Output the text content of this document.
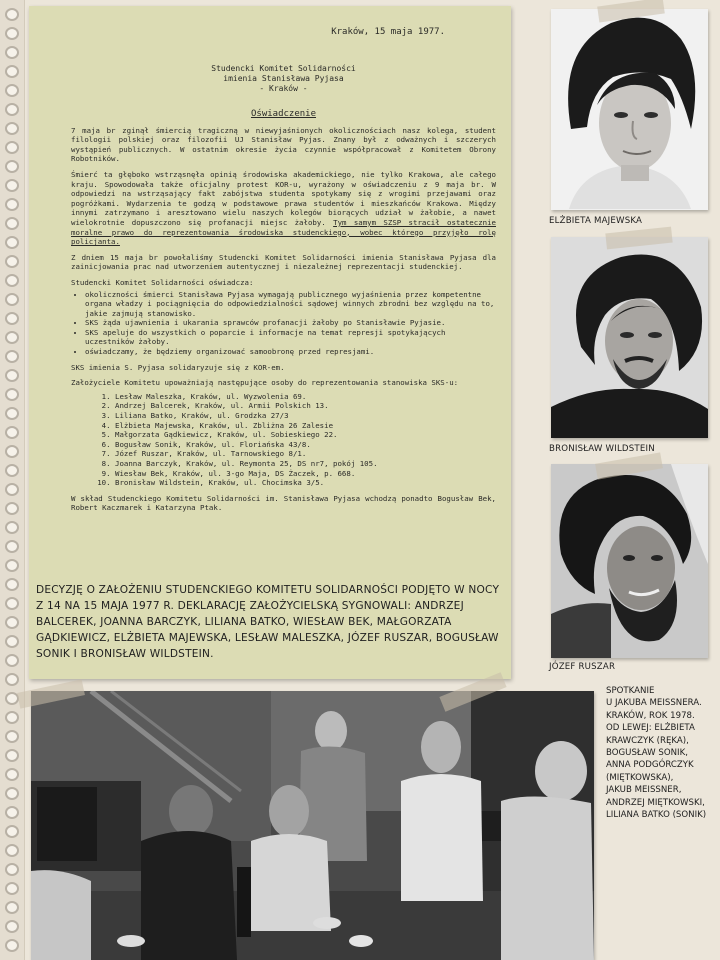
Kraków, 15 maja 1977.
Studencki Komitet Solidarności
imienia Stanisława Pyjasa
- Kraków -
Oświadczenie

7 maja br zginął śmiercią tragiczną w niewyjaśnionych okolicznościach nasz kolega, student filologii polskiej oraz filozofii UJ Stanisław Pyjas. Znany był z odważnych i szczerych wystąpień publicznych. W ostatnim okresie życia czynnie współpracował z Komitetem Obrony Robotników.

Śmierć ta głęboko wstrząsnęła opinią środowiska akademickiego, nie tylko Krakowa, ale całego kraju. Spowodowała także oficjalny protest KOR-u, wyrażony w oświadczeniu z 9 maja br. W odpowiedzi na wstrząsający fakt zabójstwa studenta spotykamy się z wrogimi przejawami oraz pogróżkami. Wydarzenia te godzą w podstawowe prawa studentów i mieszkańców Krakowa. Między innymi zatrzymano i aresztowano wielu naszych kolegów biorących udział w żałobie, a nawet wielokrotnie dopuszczono się profanacji miejsc żałoby. Tym samym SZSP stracił ostatecznie moralne prawo do reprezentowania środowiska studenckiego, wobec którego przyjęło rolę policjanta.

Z dniem 15 maja br powołaliśmy Studencki Komitet Solidarności imienia Stanisława Pyjasa dla zainicjowania prac nad utworzeniem autentycznej i niezależnej reprezentacji studenckiej.

Studencki Komitet Solidarności oświadcza:

• okoliczności śmierci Stanisława Pyjasa wymagają publicznego wyjaśnienia przez kompetentne organa władzy i pociągnięcia do odpowiedzialności sądowej winnych zbrodni bez względu na to, jakie zajmują stanowisko.
• SKS żąda ujawnienia i ukarania sprawców profanacji żałoby po Stanisławie Pyjasie.
• SKS apeluje do wszystkich o poparcie i informacje na temat represji spotykających uczestników żałoby.
• oświadczamy, że będziemy organizować samoobronę przed represjami.

SKS imienia S. Pyjasa solidaryzuje się z KOR-em.

Założyciele Komitetu upoważniają następujące osoby do reprezentowania stanowiska SKS-u:

1. Lesław Maleszka, Kraków, ul. Wyzwolenia 69.
2. Andrzej Balcerek, Kraków, ul. Armii Polskich 13.
3. Liliana Batko, Kraków, ul. Grodzka 27/3
4. Elżbieta Majewska, Kraków, ul. Zbliżna 26 Zalesie
5. Małgorzata Gądkiewicz, Kraków, ul. Sobieskiego 22.
6. Bogusław Sonik, Kraków, ul. Floriańska 43/8.
7. Józef Ruszar, Kraków, ul. Tarnowskiego 8/1.
8. Joanna Barczyk, Kraków, ul. Reymonta 25, DS nr7, pokój 105.
9. Wiesław Bek, Kraków, ul. 3-go Maja, DS Żaczek, p. 668.
10. Bronisław Wildstein, Kraków, ul. Chocimska 3/5.

W skład Studenckiego Komitetu Solidarności im. Stanisława Pyjasa wchodzą ponadto Bogusław Bek, Robert Kaczmarek i Katarzyna Ptak.

DECYZJĘ O ZAŁOŻENIU STUDENCKIEGO KOMITETU SOLIDARNOŚCI PODJĘTO W NOCY Z 14 NA 15 MAJA 1977 R. DEKLARACJĘ ZAŁOŻYCIELSKĄ SYGNOWALI: ANDRZEJ BALCEREK, JOANNA BARCZYK, LILIANA BATKO, WIESŁAW BEK, MAŁGORZATA GĄDKIEWICZ, ELŻBIETA MAJEWSKA, LESŁAW MALESZKA, JÓZEF RUSZAR, BOGUSŁAW SONIK I BRONISŁAW WILDSTEIN.
ELŻBIETA MAJEWSKA
BRONISŁAW WILDSTEIN
JÓZEF RUSZAR
SPOTKANIE
U JAKUBA MEISSNERA.
KRAKÓW, ROK 1978.
OD LEWEJ: ELŻBIETA
KRAWCZYK (RĘKA),
BOGUSŁAW SONIK,
ANNA PODGÓRCZYK
(MIĘTKOWSKA),
JAKUB MEISSNER,
ANDRZEJ MIĘTKOWSKI,
LILIANA BATKO (SONIK)
